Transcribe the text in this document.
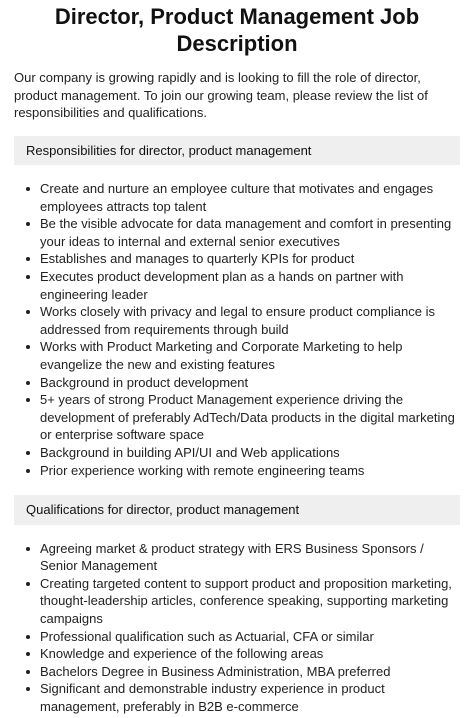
Director, Product Management Job Description

Our company is growing rapidly and is looking to fill the role of director, product management. To join our growing team, please review the list of responsibilities and qualifications.

Responsibilities for director, product management
Create and nurture an employee culture that motivates and engages employees attracts top talent
Be the visible advocate for data management and comfort in presenting your ideas to internal and external senior executives
Establishes and manages to quarterly KPIs for product
Executes product development plan as a hands on partner with engineering leader
Works closely with privacy and legal to ensure product compliance is addressed from requirements through build
Works with Product Marketing and Corporate Marketing to help evangelize the new and existing features
Background in product development
5+ years of strong Product Management experience driving the development of preferably AdTech/Data products in the digital marketing or enterprise software space
Background in building API/UI and Web applications
Prior experience working with remote engineering teams
Qualifications for director, product management
Agreeing market & product strategy with ERS Business Sponsors / Senior Management
Creating targeted content to support product and proposition marketing, thought-leadership articles, conference speaking, supporting marketing campaigns
Professional qualification such as Actuarial, CFA or similar
Knowledge and experience of the following areas
Bachelors Degree in Business Administration, MBA preferred
Significant and demonstrable industry experience in product management, preferably in B2B e-commerce
